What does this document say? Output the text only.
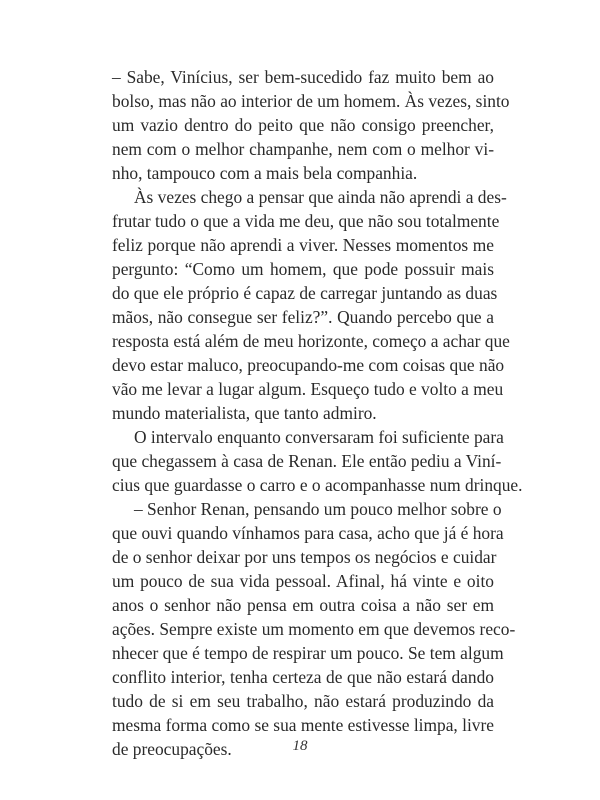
– Sabe, Vinícius, ser bem-sucedido faz muito bem ao
bolso, mas não ao interior de um homem. Às vezes, sinto
um vazio dentro do peito que não consigo preencher,
nem com o melhor champanhe, nem com o melhor vi-
nho, tampouco com a mais bela companhia.
Às vezes chego a pensar que ainda não aprendi a des-
frutar tudo o que a vida me deu, que não sou totalmente
feliz porque não aprendi a viver. Nesses momentos me
pergunto: “Como um homem, que pode possuir mais
do que ele próprio é capaz de carregar juntando as duas
mãos, não consegue ser feliz?”. Quando percebo que a
resposta está além de meu horizonte, começo a achar que
devo estar maluco, preocupando-me com coisas que não
vão me levar a lugar algum. Esqueço tudo e volto a meu
mundo materialista, que tanto admiro.
O intervalo enquanto conversaram foi suficiente para
que chegassem à casa de Renan. Ele então pediu a Viní-
cius que guardasse o carro e o acompanhasse num drinque.
– Senhor Renan, pensando um pouco melhor sobre o
que ouvi quando vínhamos para casa, acho que já é hora
de o senhor deixar por uns tempos os negócios e cuidar
um pouco de sua vida pessoal. Afinal, há vinte e oito
anos o senhor não pensa em outra coisa a não ser em
ações. Sempre existe um momento em que devemos reco-
nhecer que é tempo de respirar um pouco. Se tem algum
conflito interior, tenha certeza de que não estará dando
tudo de si em seu trabalho, não estará produzindo da
mesma forma como se sua mente estivesse limpa, livre
de preocupações.	18
